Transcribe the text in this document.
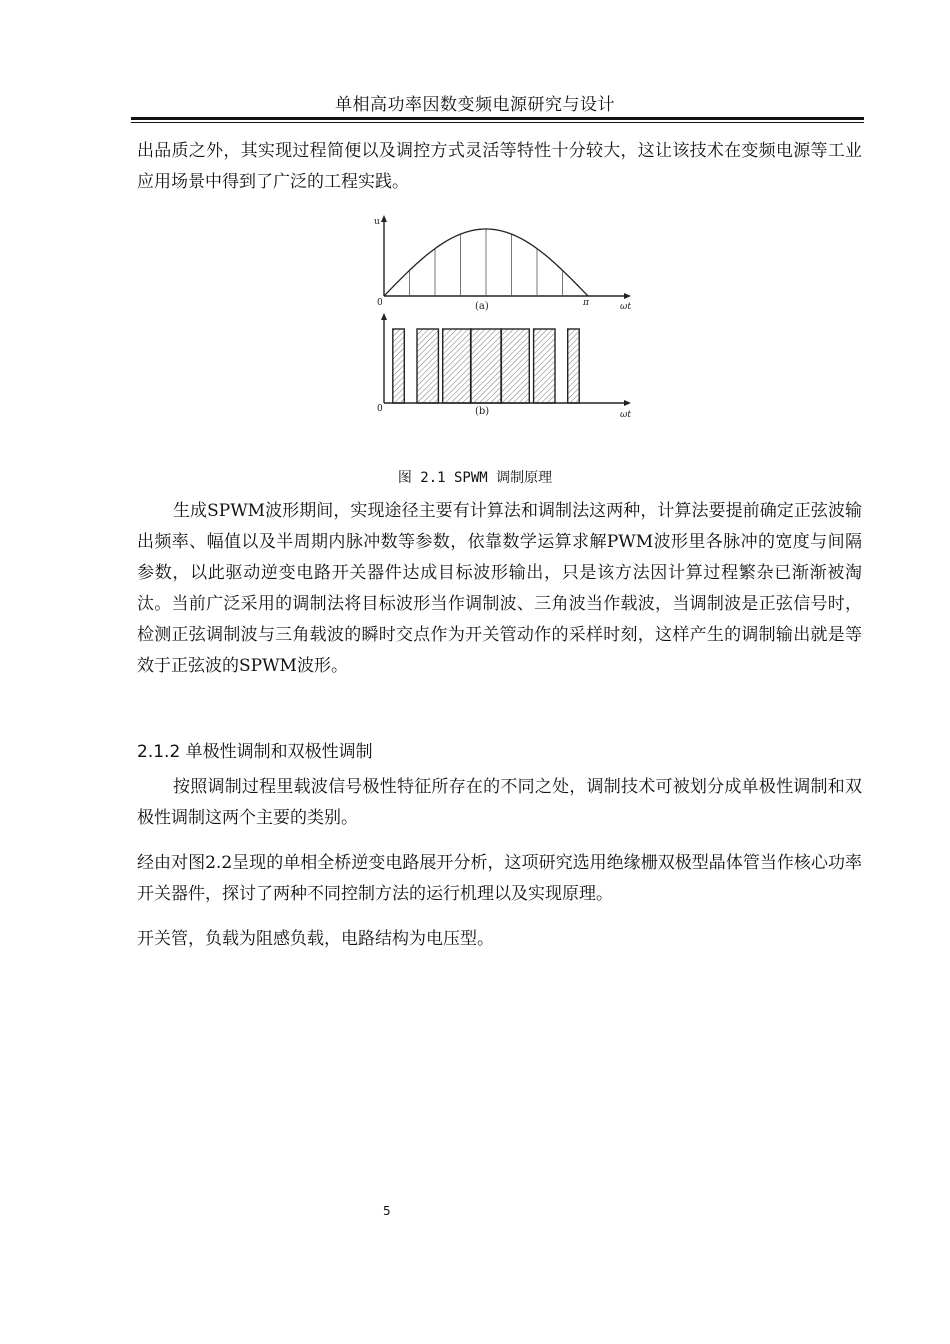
单相高功率因数变频电源研究与设计

出品质之外，其实现过程简便以及调控方式灵活等特性十分较大，这让该技术在变频电源等工业应用场景中得到了广泛的工程实践。

u
0	π
(a)	ωt
0	(b)	ωt
图 2.1 SPWM 调制原理

生成SPWM波形期间，实现途径主要有计算法和调制法这两种，计算法要提前确定正弦波输出频率、幅值以及半周期内脉冲数等参数，依靠数学运算求解PWM波形里各脉冲的宽度与间隔参数，以此驱动逆变电路开关器件达成目标波形输出，只是该方法因计算过程繁杂已渐渐被淘汰。当前广泛采用的调制法将目标波形当作调制波、三角波当作载波，当调制波是正弦信号时，检测正弦调制波与三角载波的瞬时交点作为开关管动作的采样时刻，这样产生的调制输出就是等效于正弦波的SPWM波形。

2.1.2 单极性调制和双极性调制

按照调制过程里载波信号极性特征所存在的不同之处，调制技术可被划分成单极性调制和双极性调制这两个主要的类别。

经由对图2.2呈现的单相全桥逆变电路展开分析，这项研究选用绝缘栅双极型晶体管当作核心功率开关器件，探讨了两种不同控制方法的运行机理以及实现原理。

开关管，负载为阻感负载，电路结构为电压型。

5
